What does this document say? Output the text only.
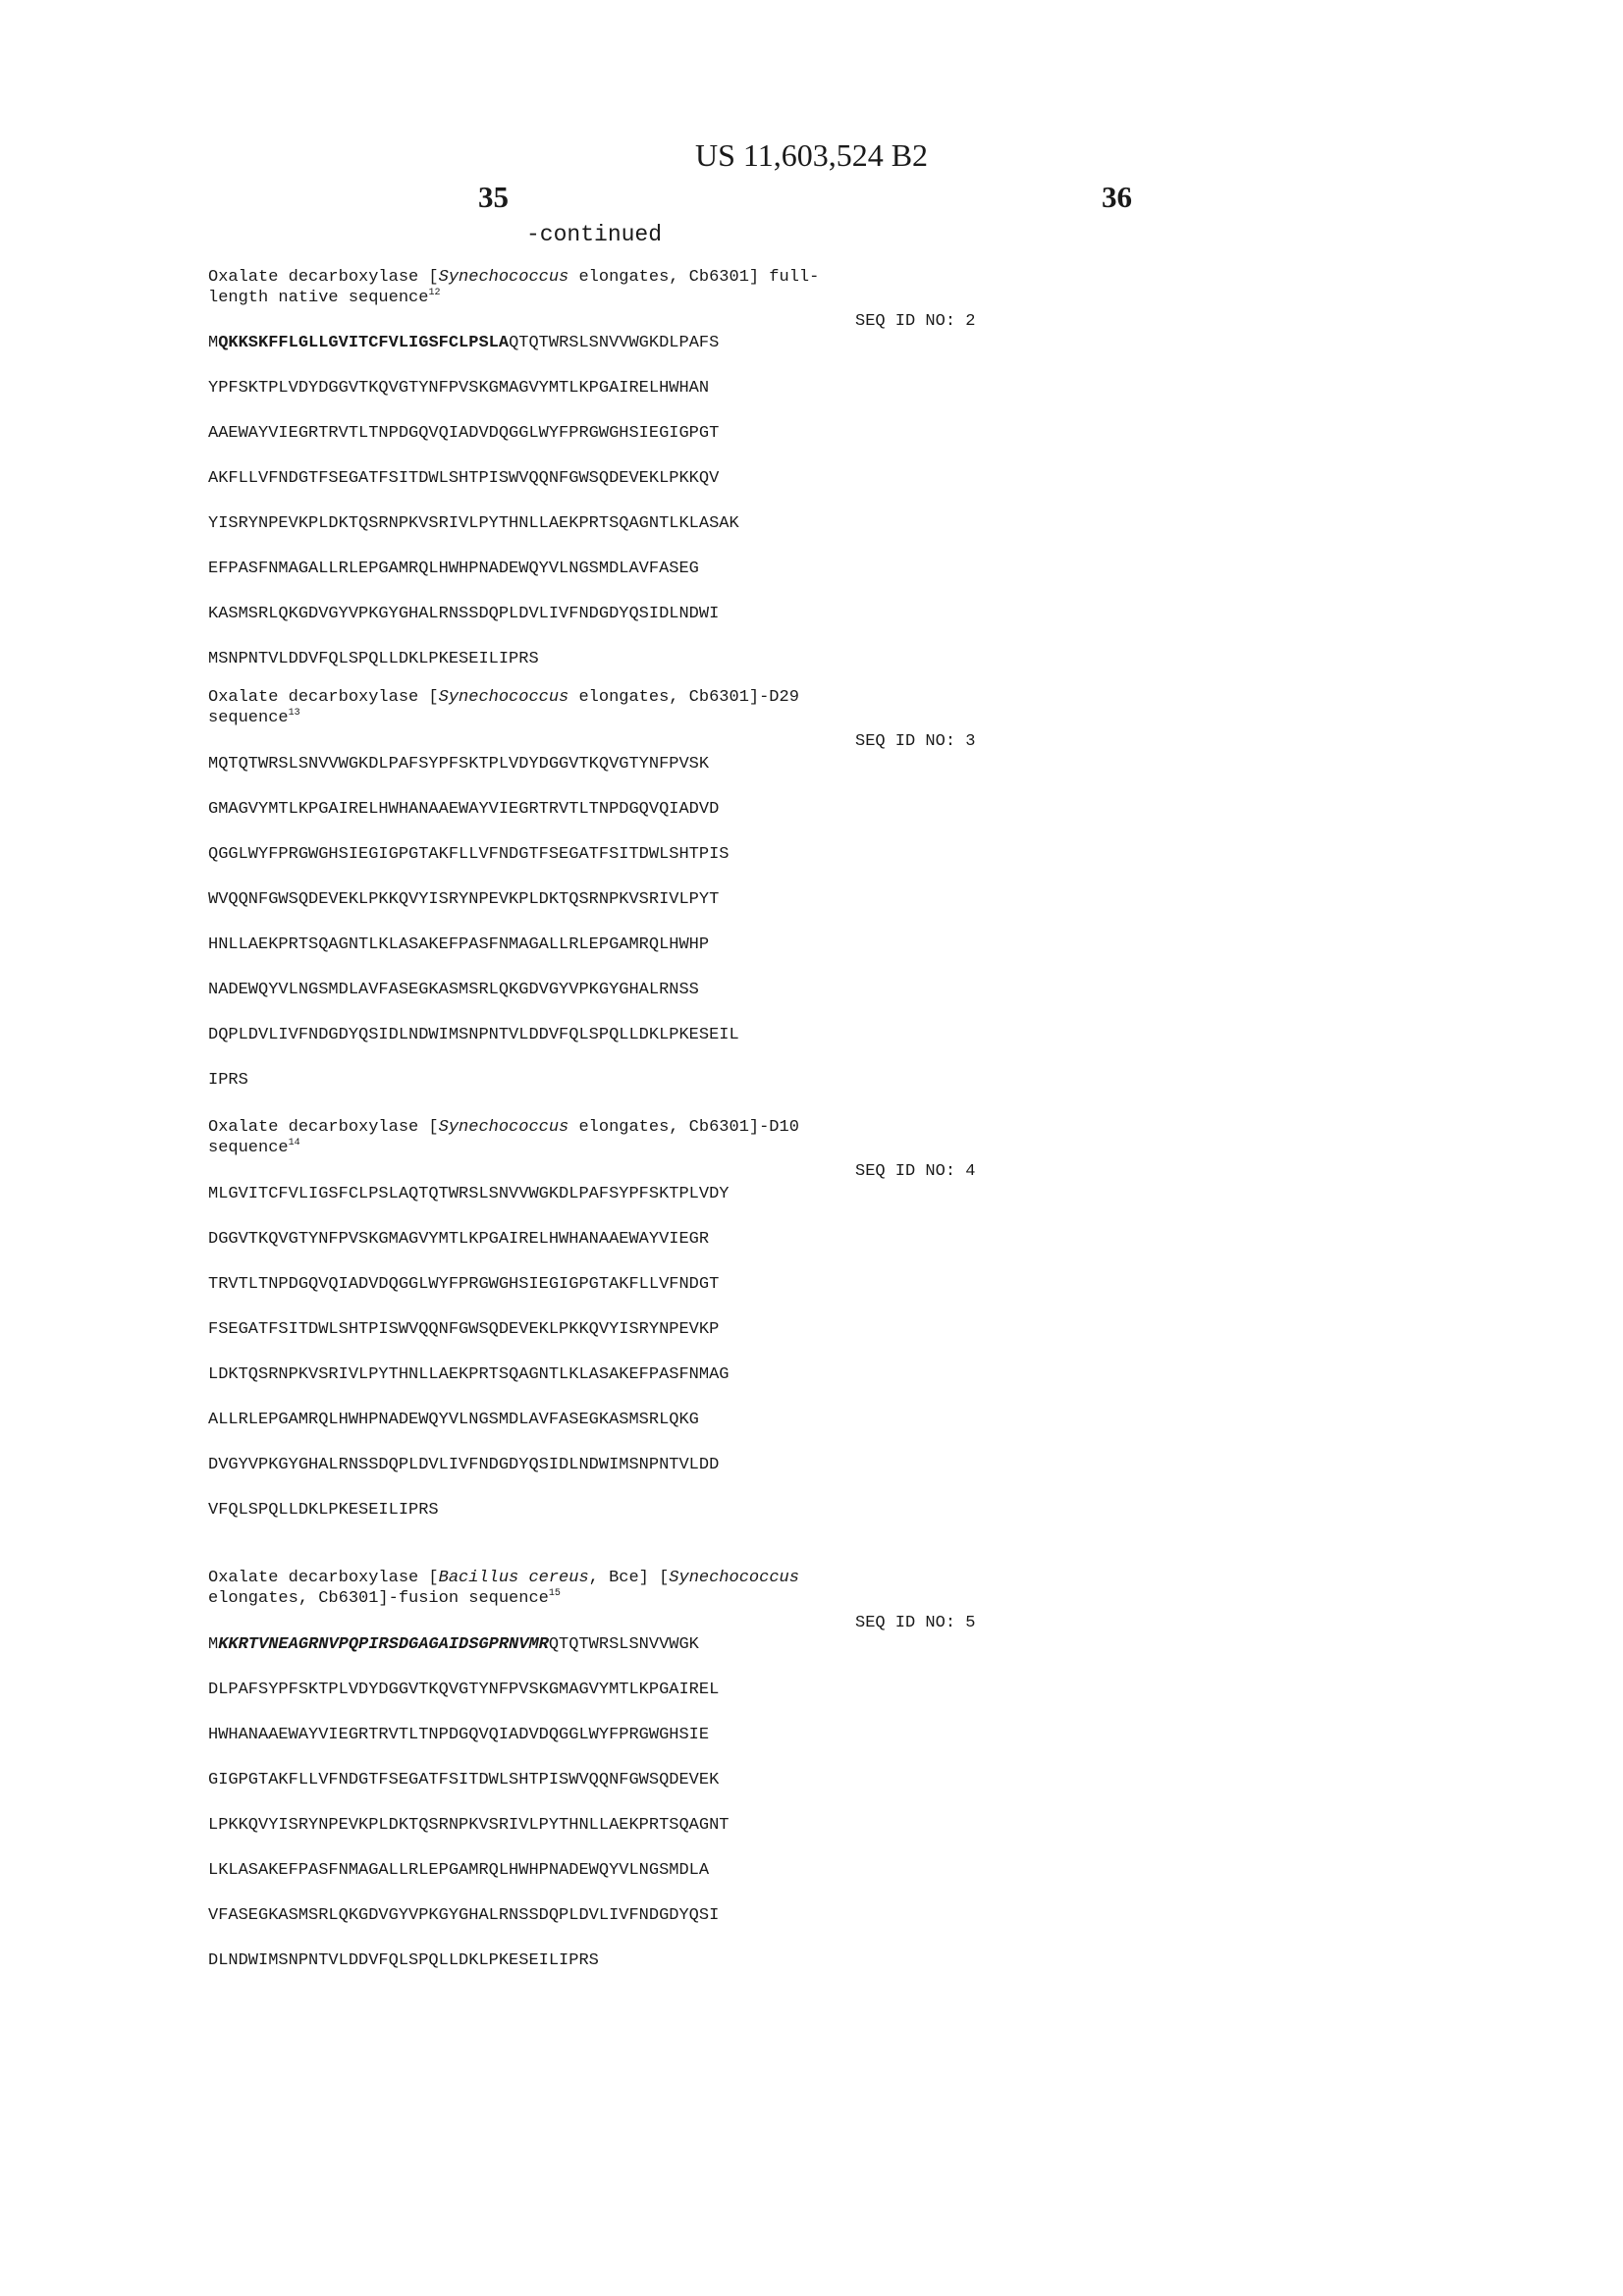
US 11,603,524 B2
35	36
-continued
Oxalate decarboxylase [Synechococcus elongates, Cb6301] full-
length native sequence$^{12}$
SEQ ID NO: 2
MQKKSKFFLGLLGVITCFVLIGSFCLPSLAQTQTWRSLSNVVWGKDLPAFS
YPFSKTPLVDYDGGVTKQVGTYNFPVSKGMAGVYMTLKPGAIRELHWHAN
AAEWAYVIEGRTRVTLTNPDGQVQIADVDQGGLWYFPRGWGHSIEGIGPGT
AKFLLVFNDGTFSEGATFSITDWLSHTPISWVQQNFGWSQDEVEKLPKKQV
YISRYNPEVKPLDKTQSRNPKVSRIVLPYTHNLLAEKPRTSQAGNTLKLASAK
EFPASFNMAGALLRLEPGAMRQLHWHPNADEWQYVLNGSMDLAVFASEG
KASMSRLQKGDVGYVPKGYGHALRNSSDQPLDVLIVFNDGDYQSIDLNDWI
MSNPNTVLDDVFQLSPQLLDKLPKESEILIPRS
Oxalate decarboxylase [Synechococcus elongates, Cb6301]-D29
sequence$^{13}$
SEQ ID NO: 3
MQTQTWRSLSNVVWGKDLPAFSYPFSKTPLVDYDGGVTKQVGTYNFPVSK
GMAGVYMTLKPGAIRELHWHANAAEWAYVIEGRTRVTLTNPDGQVQIADVD
QGGLWYFPRGWGHSIEGIGPGTAKFLLVFNDGTFSEGATFSITDWLSHTPIS
WVQQNFGWSQDEVEKLPKKQVYISRYNPEVKPLDKTQSRNPKVSRIVLPYT
HNLLAEKPRTSQAGNTLKLASAKEFPASFNMAGALLRLEPGAMRQLHWHP
NADEWQYVLNGSMDLAVFASEGKASMSRLQKGDVGYVPKGYGHALRNSS
DQPLDVLIVFNDGDYQSIDLNDWIMSNPNTVLDDVFQLSPQLLDKLPKESEIL
IPRS
Oxalate decarboxylase [Synechococcus elongates, Cb6301]-D10
sequence$^{14}$
SEQ ID NO: 4
MLGVITCFVLIGSFCLPSLAQTQTWRSLSNVVWGKDLPAFSYPFSKTPLVDY
DGGVTKQVGTYNFPVSKGMAGVYMTLKPGAIRELHWHANAAEWAYVIEGR
TRVTLTNPDGQVQIADVDQGGLWYFPRGWGHSIEGIGPGTAKFLLVFNDGT
FSEGATFSITDWLSHTPISWVQQNFGWSQDEVEKLPKKQVYISRYNPEVKP
LDKTQSRNPKVSRIVLPYTHNLLAEKPRTSQAGNTLKLASAKEFPASFNMAG
ALLRLEPGAMRQLHWHPNADEWQYVLNGSMDLAVFASEGKASMSRLQKG
DVGYVPKGYGHALRNSSDQPLDVLIVFNDGDYQSIDLNDWIMSNPNTVLDD
VFQLSPQLLDKLPKESEILIPRS
Oxalate decarboxylase [Bacillus cereus, Bce] [Synechococcus
elongates, Cb6301]-fusion sequence$^{15}$
SEQ ID NO: 5
MKKRTVNEAGRNVPQPIRSDGAGAIDSGPRNVMRQTQTWRSLSNVVWGK
DLPAFSYPFSKTPLVDYDGGVTKQVGTYNFPVSKGMAGVYMTLKPGAIREL
HWHANAAEWAYVIEGRTRVTLTNPDGQVQIADVDQGGLWYFPRGWGHSIE
GIGPGTAKFLLVFNDGTFSEGATFSITDWLSHTPISWVQQNFGWSQDEVEK
LPKKQVYISRYNPEVKPLDKTQSRNPKVSRIVLPYTHNLLAEKPRTSQAGNT
LKLASAKEFPASFNMAGALLRLEPGAMRQLHWHPNADEWQYVLNGSMDLA
VFASEGKASMSRLQKGDVGYVPKGYGHALRNSSDQPLDVLIVFNDGDYQSI
DLNDWIMSNPNTVLDDVFQLSPQLLDKLPKESEILIPRS
